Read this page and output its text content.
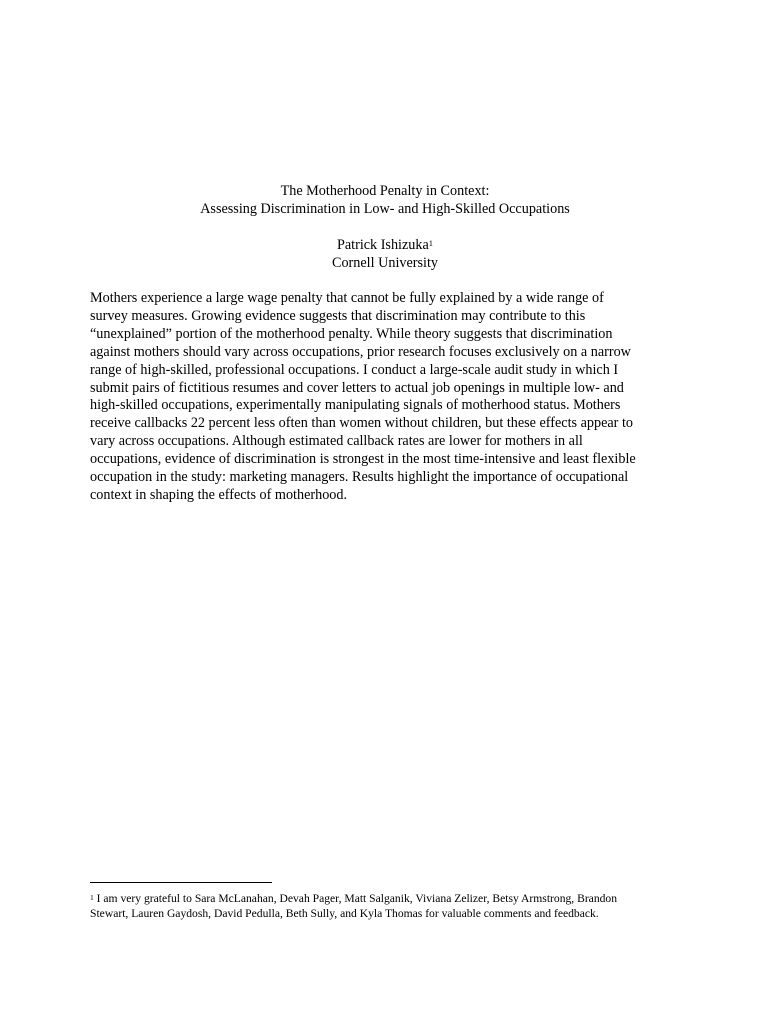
The Motherhood Penalty in Context:
Assessing Discrimination in Low- and High-Skilled Occupations
Patrick Ishizuka$^1$
Cornell University
Mothers experience a large wage penalty that cannot be fully explained by a wide range of
survey measures. Growing evidence suggests that discrimination may contribute to this
“unexplained” portion of the motherhood penalty. While theory suggests that discrimination
against mothers should vary across occupations, prior research focuses exclusively on a narrow
range of high-skilled, professional occupations. I conduct a large-scale audit study in which I
submit pairs of fictitious resumes and cover letters to actual job openings in multiple low- and
high-skilled occupations, experimentally manipulating signals of motherhood status. Mothers
receive callbacks 22 percent less often than women without children, but these effects appear to
vary across occupations. Although estimated callback rates are lower for mothers in all
occupations, evidence of discrimination is strongest in the most time-intensive and least flexible
occupation in the study: marketing managers. Results highlight the importance of occupational
context in shaping the effects of motherhood.
$^1$ I am very grateful to Sara McLanahan, Devah Pager, Matt Salganik, Viviana Zelizer, Betsy Armstrong, Brandon
Stewart, Lauren Gaydosh, David Pedulla, Beth Sully, and Kyla Thomas for valuable comments and feedback.
